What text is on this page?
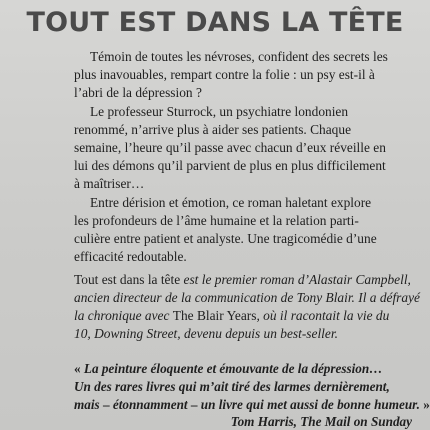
TOUT EST DANS LA TÊTE
Témoin de toutes les névroses, confident des secrets les
plus inavouables, rempart contre la folie : un psy est-il à
l’abri de la dépression ?
Le professeur Sturrock, un psychiatre londonien
renommé, n’arrive plus à aider ses patients. Chaque
semaine, l’heure qu’il passe avec chacun d’eux réveille en
lui des démons qu’il parvient de plus en plus difficilement
à maîtriser…
Entre dérision et émotion, ce roman haletant explore
les profondeurs de l’âme humaine et la relation parti-
culière entre patient et analyste. Une tragicomédie d’une
efficacité redoutable.
Tout est dans la tête est le premier roman d’Alastair Campbell,
ancien directeur de la communication de Tony Blair. Il a défrayé
la chronique avec The Blair Years, où il racontait la vie du
10, Downing Street, devenu depuis un best-seller.
« La peinture éloquente et émouvante de la dépression…
Un des rares livres qui m’ait tiré des larmes dernièrement,
mais – étonnamment – un livre qui met aussi de bonne humeur. »
Tom Harris, The Mail on Sunday
